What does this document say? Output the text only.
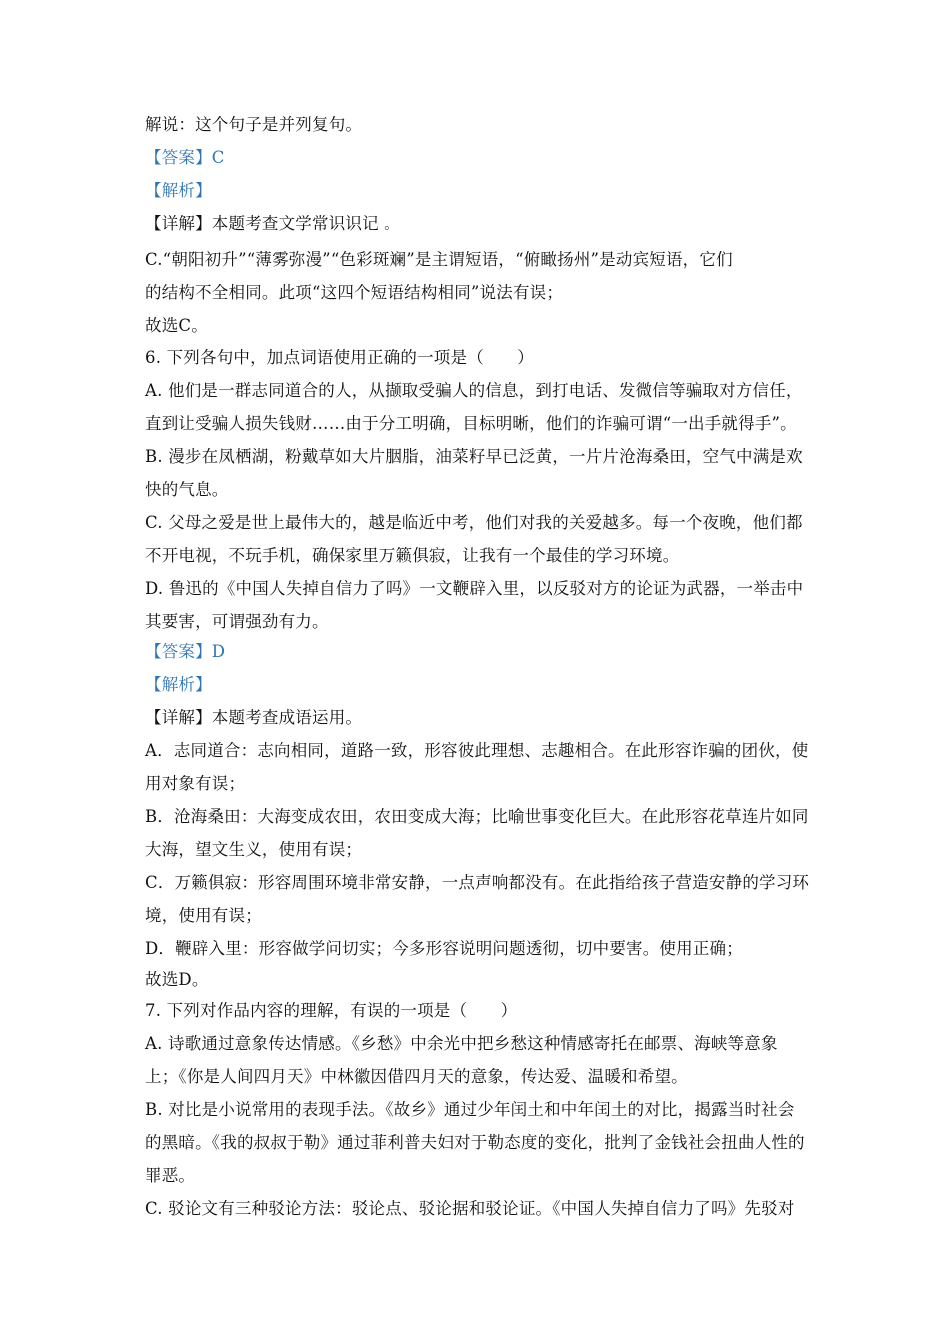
解说：这个句子是并列复句。
【答案】C
【解析】
【详解】本题考查文学常识识记 。
C.“朝阳初升”“薄雾弥漫”“色彩斑斓”是主谓短语，“俯瞰扬州”是动宾短语，它们
的结构不全相同。此项“这四个短语结构相同”说法有误；
故选C。
6. 下列各句中，加点词语使用正确的一项是（　　）
A. 他们是一群志同道合的人，从撷取受骗人的信息，到打电话、发微信等骗取对方信任，
直到让受骗人损失钱财……由于分工明确，目标明晰，他们的诈骗可谓“一出手就得手”。
B. 漫步在凤栖湖，粉戴草如大片胭脂，油菜籽早已泛黄，一片片沧海桑田，空气中满是欢
快的气息。
C. 父母之爱是世上最伟大的，越是临近中考，他们对我的关爱越多。每一个夜晚，他们都
不开电视，不玩手机，确保家里万籁俱寂，让我有一个最佳的学习环境。
D. 鲁迅的《中国人失掉自信力了吗》一文鞭辟入里，以反驳对方的论证为武器，一举击中
其要害，可谓强劲有力。
【答案】D
【解析】
【详解】本题考查成语运用。
A．志同道合：志向相同，道路一致，形容彼此理想、志趣相合。在此形容诈骗的团伙，使
用对象有误；
B．沧海桑田：大海变成农田，农田变成大海；比喻世事变化巨大。在此形容花草连片如同
大海，望文生义，使用有误；
C．万籁俱寂：形容周围环境非常安静，一点声响都没有。在此指给孩子营造安静的学习环
境，使用有误；
D．鞭辟入里：形容做学问切实；今多形容说明问题透彻，切中要害。使用正确；
故选D。
7. 下列对作品内容的理解，有误的一项是（　　）
A. 诗歌通过意象传达情感。《乡愁》中余光中把乡愁这种情感寄托在邮票、海峡等意象
上；《你是人间四月天》中林徽因借四月天的意象，传达爱、温暖和希望。
B. 对比是小说常用的表现手法。《故乡》通过少年闰土和中年闰土的对比，揭露当时社会
的黑暗。《我的叔叔于勒》通过菲利普夫妇对于勒态度的变化，批判了金钱社会扭曲人性的
罪恶。
C. 驳论文有三种驳论方法：驳论点、驳论据和驳论证。《中国人失掉自信力了吗》先驳对
